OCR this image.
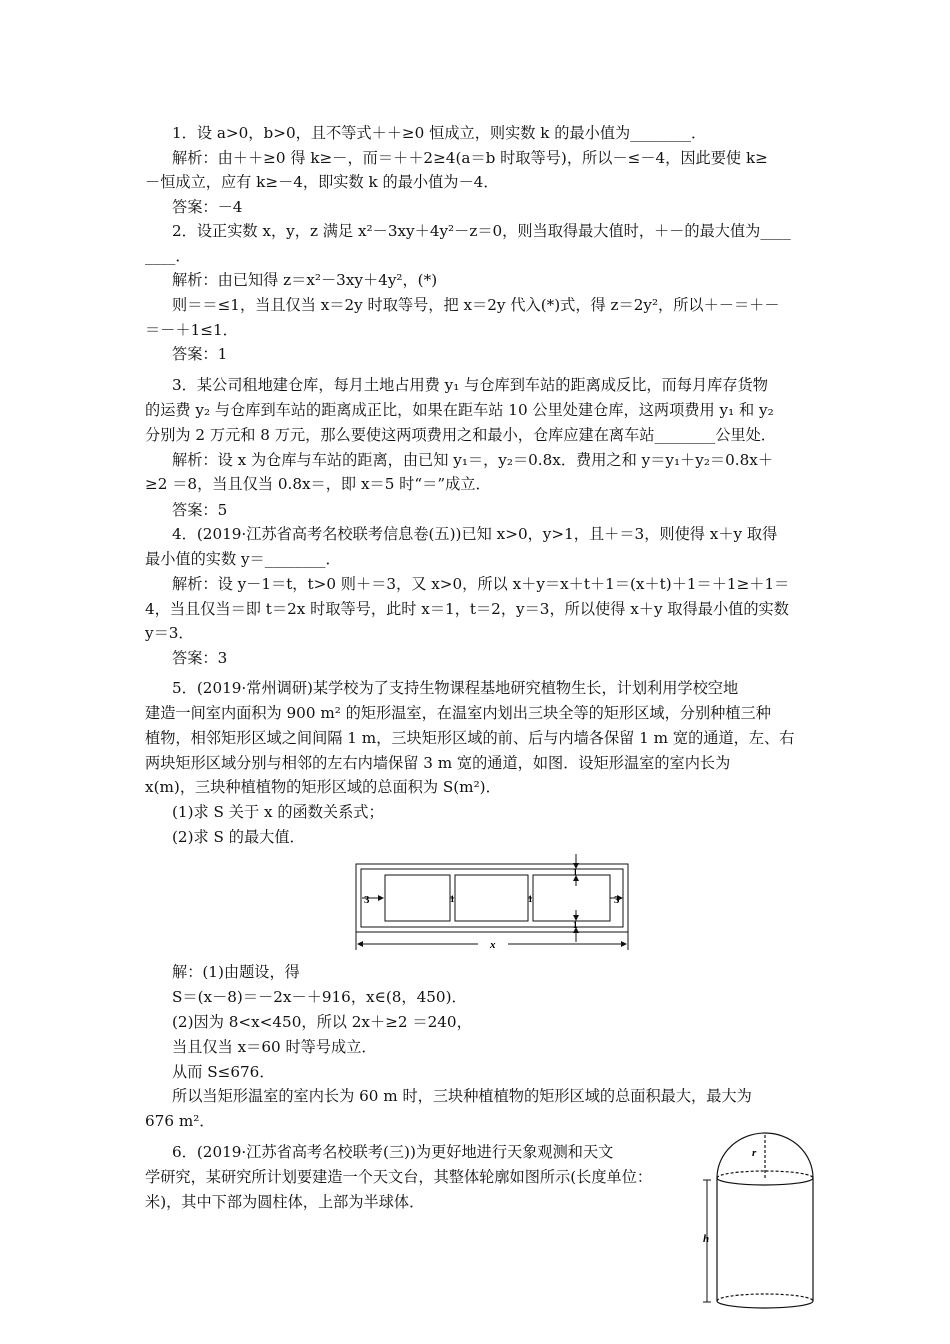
1．设 a>0，b>0，且不等式＋＋≥0 恒成立，则实数 k 的最小值为________．
解析：由＋＋≥0 得 k≥－，而＝＋＋2≥4(a＝b 时取等号)，所以－≤－4，因此要使 k≥
－恒成立，应有 k≥－4，即实数 k 的最小值为－4．
答案：－4
2．设正实数 x，y，z 满足 x²－3xy＋4y²－z＝0，则当取得最大值时，＋－的最大值为____
____．
解析：由已知得 z＝x²－3xy＋4y²，(*)
则＝＝≤1，当且仅当 x＝2y 时取等号，把 x＝2y 代入(*)式，得 z＝2y²，所以＋－＝＋－
＝－＋1≤1．
答案：1
3．某公司租地建仓库，每月土地占用费 y₁ 与仓库到车站的距离成反比，而每月库存货物
的运费 y₂ 与仓库到车站的距离成正比，如果在距车站 10 公里处建仓库，这两项费用 y₁ 和 y₂
分别为 2 万元和 8 万元，那么要使这两项费用之和最小，仓库应建在离车站________公里处．
解析：设 x 为仓库与车站的距离，由已知 y₁＝，y₂＝0.8x．费用之和 y＝y₁＋y₂＝0.8x＋
≥2 ＝8，当且仅当 0.8x＝，即 x＝5 时“＝”成立．
答案：5
4．(2019·江苏省高考名校联考信息卷(五))已知 x>0，y>1，且＋＝3，则使得 x＋y 取得
最小值的实数 y＝________．
解析：设 y－1＝t，t>0 则＋＝3，又 x>0，所以 x＋y＝x＋t＋1＝(x＋t)＋1＝＋1≥＋1＝
4，当且仅当＝即 t＝2x 时取等号，此时 x＝1，t＝2，y＝3，所以使得 x＋y 取得最小值的实数
y＝3．
答案：3
5．(2019·常州调研)某学校为了支持生物课程基地研究植物生长，计划利用学校空地
建造一间室内面积为 900 m² 的矩形温室，在温室内划出三块全等的矩形区域，分别种植三种
植物，相邻矩形区域之间间隔 1 m，三块矩形区域的前、后与内墙各保留 1 m 宽的通道，左、右
两块矩形区域分别与相邻的左右内墙保留 3 m 宽的通道，如图．设矩形温室的室内长为
x(m)，三块种植植物的矩形区域的总面积为 S(m²)．
(1)求 S 关于 x 的函数关系式；
(2)求 S 的最大值．
解：(1)由题设，得
S＝(x－8)＝－2x－＋916，x∈(8，450)．
(2)因为 8<x<450，所以 2x＋≥2 ＝240，
当且仅当 x＝60 时等号成立．
从而 S≤676．
所以当矩形温室的室内长为 60 m 时，三块种植植物的矩形区域的总面积最大，最大为
676 m²．
6．(2019·江苏省高考名校联考(三))为更好地进行天象观测和天文
学研究，某研究所计划要建造一个天文台，其整体轮廓如图所示(长度单位：
米)，其中下部为圆柱体，上部为半球体．
3	3
1	1
1
1
x
r
h
